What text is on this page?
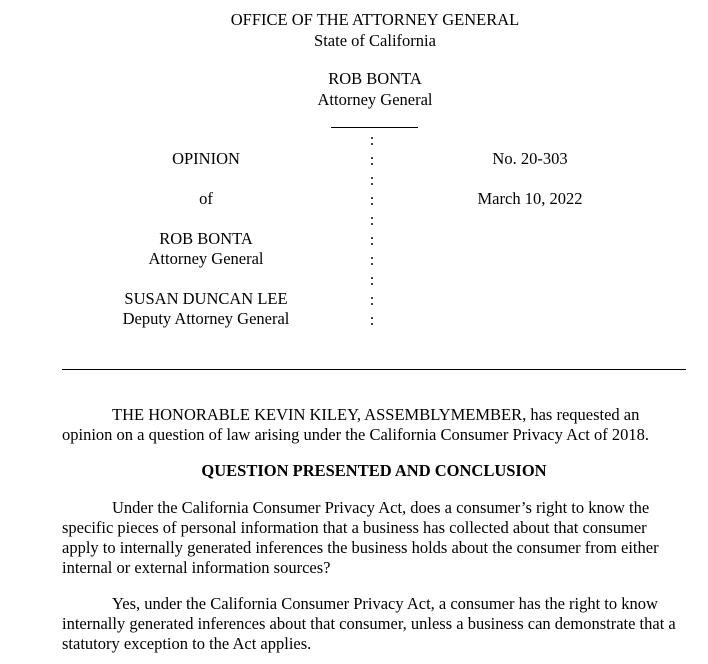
OFFICE OF THE ATTORNEY GENERAL
State of California
ROB BONTA
Attorney General
OPINION
of
ROB BONTA
Attorney General
SUSAN DUNCAN LEE
Deputy Attorney General
:
:
:
:
:
:
:
:
:
:
No. 20-303
March 10, 2022
THE HONORABLE KEVIN KILEY, ASSEMBLYMEMBER, has requested an opinion on a question of law arising under the California Consumer Privacy Act of 2018.
QUESTION PRESENTED AND CONCLUSION
Under the California Consumer Privacy Act, does a consumer’s right to know the specific pieces of personal information that a business has collected about that consumer apply to internally generated inferences the business holds about the consumer from either internal or external information sources?
Yes, under the California Consumer Privacy Act, a consumer has the right to know internally generated inferences about that consumer, unless a business can demonstrate that a statutory exception to the Act applies.
